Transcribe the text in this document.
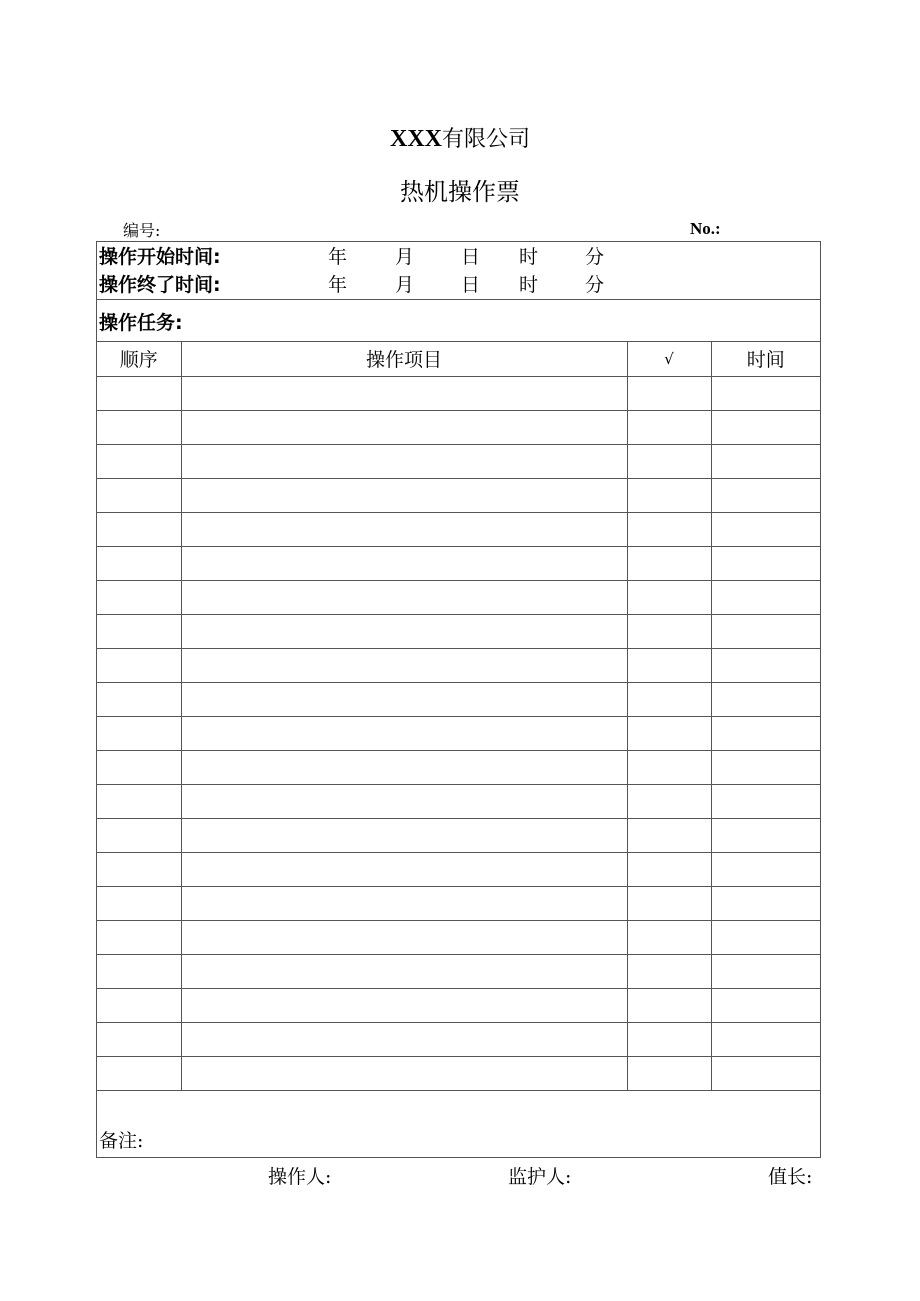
XXX有限公司
热机操作票
编号:	No.:
操作开始时间:	年	月 日 时 分
操作终了时间:	年	月 日 时 分
操作任务:
顺序	操作项目	√	时间

备注:
操作人:	监护人:	值长:
